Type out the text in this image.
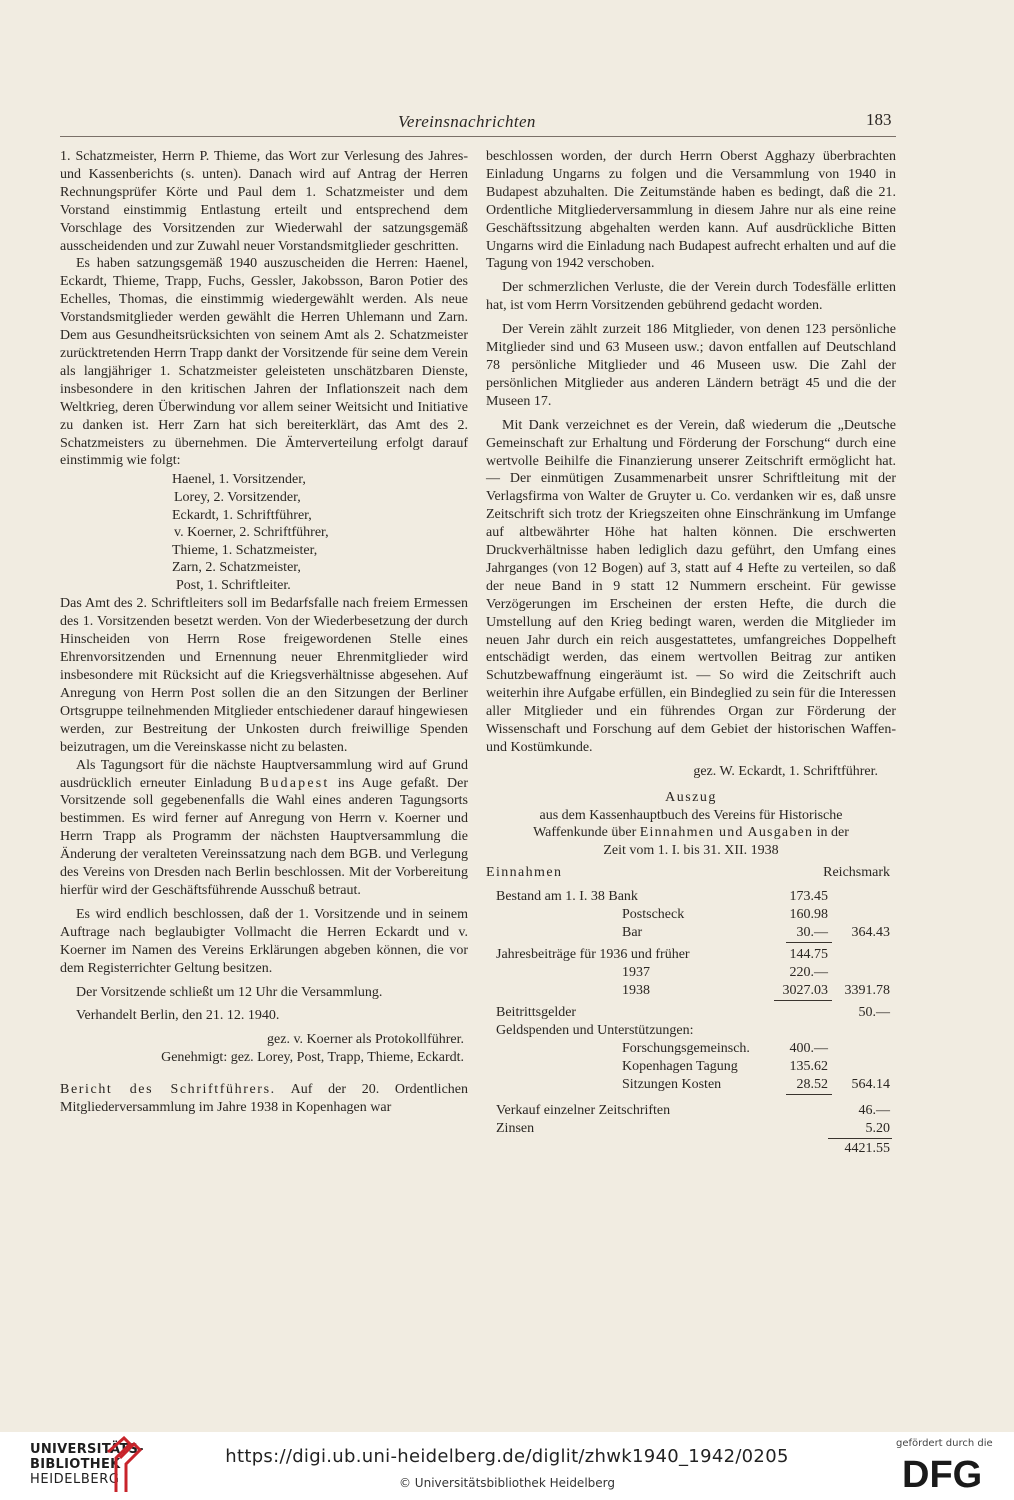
Vereinsnachrichten	183

1. Schatzmeister, Herrn P. Thieme, das Wort zur Verlesung des Jahres- und Kassenberichts (s. unten). Danach wird auf Antrag der Herren Rechnungsprüfer Körte und Paul dem 1. Schatzmeister und dem Vorstand einstimmig Entlastung erteilt und entsprechend dem Vorschlage des Vorsitzenden zur Wiederwahl der satzungsgemäß ausscheidenden und zur Zuwahl neuer Vorstandsmitglieder geschritten.

Es haben satzungsgemäß 1940 auszuscheiden die Herren: Haenel, Eckardt, Thieme, Trapp, Fuchs, Gessler, Jakobsson, Baron Potier des Echelles, Thomas, die einstimmig wiedergewählt werden. Als neue Vorstandsmitglieder werden gewählt die Herren Uhlemann und Zarn. Dem aus Gesundheitsrücksichten von seinem Amt als 2. Schatzmeister zurücktretenden Herrn Trapp dankt der Vorsitzende für seine dem Verein als langjähriger 1. Schatzmeister geleisteten unschätzbaren Dienste, insbesondere in den kritischen Jahren der Inflationszeit nach dem Weltkrieg, deren Überwindung vor allem seiner Weitsicht und Initiative zu danken ist. Herr Zarn hat sich bereiterklärt, das Amt des 2. Schatzmeisters zu übernehmen. Die Ämterverteilung erfolgt darauf einstimmig wie folgt:

Haenel, 1. Vorsitzender,
Lorey, 2. Vorsitzender,
Eckardt, 1. Schriftführer,
v. Koerner, 2. Schriftführer,
Thieme, 1. Schatzmeister,
Zarn, 2. Schatzmeister,
Post, 1. Schriftleiter.

Das Amt des 2. Schriftleiters soll im Bedarfsfalle nach freiem Ermessen des 1. Vorsitzenden besetzt werden. Von der Wiederbesetzung der durch Hinscheiden von Herrn Rose freigewordenen Stelle eines Ehrenvorsitzenden und Ernennung neuer Ehrenmitglieder wird insbesondere mit Rücksicht auf die Kriegsverhältnisse abgesehen. Auf Anregung von Herrn Post sollen die an den Sitzungen der Berliner Ortsgruppe teilnehmenden Mitglieder entschiedener darauf hingewiesen werden, zur Bestreitung der Unkosten durch freiwillige Spenden beizutragen, um die Vereinskasse nicht zu belasten.

Als Tagungsort für die nächste Hauptversammlung wird auf Grund ausdrücklich erneuter Einladung Budapest ins Auge gefaßt. Der Vorsitzende soll gegebenenfalls die Wahl eines anderen Tagungsorts bestimmen. Es wird ferner auf Anregung von Herrn v. Koerner und Herrn Trapp als Programm der nächsten Hauptversammlung die Änderung der veralteten Vereinssatzung nach dem BGB. und Verlegung des Vereins von Dresden nach Berlin beschlossen. Mit der Vorbereitung hierfür wird der Geschäftsführende Ausschuß betraut.

Es wird endlich beschlossen, daß der 1. Vorsitzende und in seinem Auftrage nach beglaubigter Vollmacht die Herren Eckardt und v. Koerner im Namen des Vereins Erklärungen abgeben können, die vor dem Registerrichter Geltung besitzen.

Der Vorsitzende schließt um 12 Uhr die Versammlung.

Verhandelt Berlin, den 21. 12. 1940.

gez. v. Koerner als Protokollführer.

Genehmigt: gez. Lorey, Post, Trapp, Thieme, Eckardt.

Bericht des Schriftführers. Auf der 20. Ordentlichen Mitgliederversammlung im Jahre 1938 in Kopenhagen war

beschlossen worden, der durch Herrn Oberst Agghazy überbrachten Einladung Ungarns zu folgen und die Versammlung von 1940 in Budapest abzuhalten. Die Zeitumstände haben es bedingt, daß die 21. Ordentliche Mitgliederversammlung in diesem Jahre nur als eine reine Geschäftssitzung abgehalten werden kann. Auf ausdrückliche Bitten Ungarns wird die Einladung nach Budapest aufrecht erhalten und auf die Tagung von 1942 verschoben.

Der schmerzlichen Verluste, die der Verein durch Todesfälle erlitten hat, ist vom Herrn Vorsitzenden gebührend gedacht worden.

Der Verein zählt zurzeit 186 Mitglieder, von denen 123 persönliche Mitglieder sind und 63 Museen usw.; davon entfallen auf Deutschland 78 persönliche Mitglieder und 46 Museen usw. Die Zahl der persönlichen Mitglieder aus anderen Ländern beträgt 45 und die der Museen 17.

Mit Dank verzeichnet es der Verein, daß wiederum die „Deutsche Gemeinschaft zur Erhaltung und Förderung der Forschung“ durch eine wertvolle Beihilfe die Finanzierung unserer Zeitschrift ermöglicht hat. — Der einmütigen Zusammenarbeit unsrer Schriftleitung mit der Verlagsfirma von Walter de Gruyter u. Co. verdanken wir es, daß unsre Zeitschrift sich trotz der Kriegszeiten ohne Einschränkung im Umfange auf altbewährter Höhe hat halten können. Die erschwerten Druckverhältnisse haben lediglich dazu geführt, den Umfang eines Jahrganges (von 12 Bogen) auf 3, statt auf 4 Hefte zu verteilen, so daß der neue Band in 9 statt 12 Nummern erscheint. Für gewisse Verzögerungen im Erscheinen der ersten Hefte, die durch die Umstellung auf den Krieg bedingt waren, werden die Mitglieder im neuen Jahr durch ein reich ausgestattetes, umfangreiches Doppelheft entschädigt werden, das einem wertvollen Beitrag zur antiken Schutzbewaffnung eingeräumt ist. — So wird die Zeitschrift auch weiterhin ihre Aufgabe erfüllen, ein Bindeglied zu sein für die Interessen aller Mitglieder und ein führendes Organ zur Förderung der Wissenschaft und Forschung auf dem Gebiet der historischen Waffen- und Kostümkunde.

gez. W. Eckardt, 1. Schriftführer.

Auszug
aus dem Kassenhauptbuch des Vereins für Historische
Waffenkunde über Einnahmen und Ausgaben in der
Zeit vom 1. I. bis 31. XII. 1938
Einnahmen	Reichsmark
Bestand am 1. I. 38 Bank	173.45
Postscheck	160.98
Bar	30.— 364.43
Jahresbeiträge für 1936 und früher	144.75
1937	220.—
1938	3027.03 3391.78
Beitrittsgelder	50.—
Geldspenden und Unterstützungen:
Forschungsgemeinsch.	400.—
Kopenhagen Tagung	135.62
Sitzungen Kosten	28.52 564.14
Verkauf einzelner Zeitschriften	46.—
Zinsen	5.20
4421.55
UNIVERSITÄTS-
BIBLIOTHEK
HEIDELBERG
https://digi.ub.uni-heidelberg.de/diglit/zhwk1940_1942/0205
© Universitätsbibliothek Heidelberg
gefördert durch die
DFG
